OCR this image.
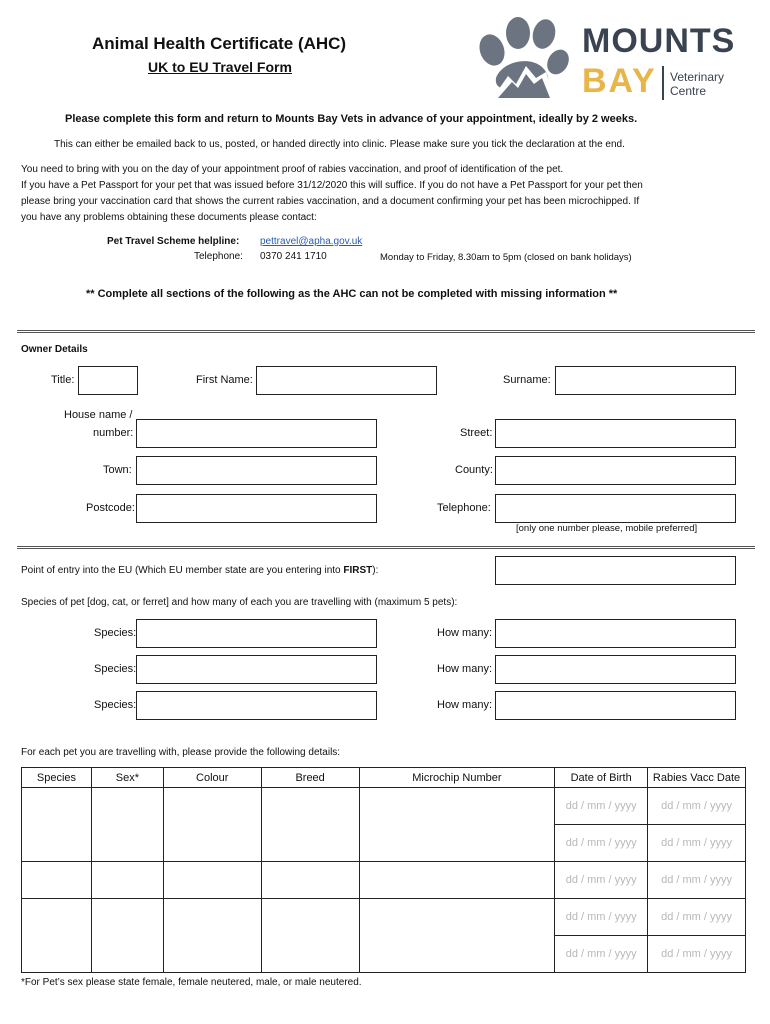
Animal Health Certificate (AHC)
UK to EU Travel Form
MOUNTS
BAY Veterinary
Centre
Please complete this form and return to Mounts Bay Vets in advance of your appointment, ideally by 2 weeks.
This can either be emailed back to us, posted, or handed directly into clinic. Please make sure you tick the declaration at the end.
You need to bring with you on the day of your appointment proof of rabies vaccination, and proof of identification of the pet.
If you have a Pet Passport for your pet that was issued before 31/12/2020 this will suffice. If you do not have a Pet Passport for your pet then
please bring your vaccination card that shows the current rabies vaccination, and a document confirming your pet has been microchipped. If
you have any problems obtaining these documents please contact:
Pet Travel Scheme helpline: pettravel@apha.gov.uk
Telephone: 0370 241 1710	Monday to Friday, 8.30am to 5pm (closed on bank holidays)
** Complete all sections of the following as the AHC can not be completed with missing information **
Owner Details
Title:	First Name:	Surname:
House name /
number:	Street:
Town:	County:
Postcode:	Telephone:
[only one number please, mobile preferred]
Point of entry into the EU (Which EU member state are you entering into FIRST):
Species of pet [dog, cat, or ferret] and how many of each you are travelling with (maximum 5 pets):
Species:	How many:
Species:	How many:
Species:	How many:
For each pet you are travelling with, please provide the following details:
Species	Sex*	Colour	Breed	Microchip Number	Date of Birth	Rabies Vacc Date
					dd / mm / yyyy	dd / mm / yyyy
					dd / mm / yyyy	dd / mm / yyyy
					dd / mm / yyyy	dd / mm / yyyy
					dd / mm / yyyy	dd / mm / yyyy
					dd / mm / yyyy	dd / mm / yyyy
*For Pet’s sex please state female, female neutered, male, or male neutered.
